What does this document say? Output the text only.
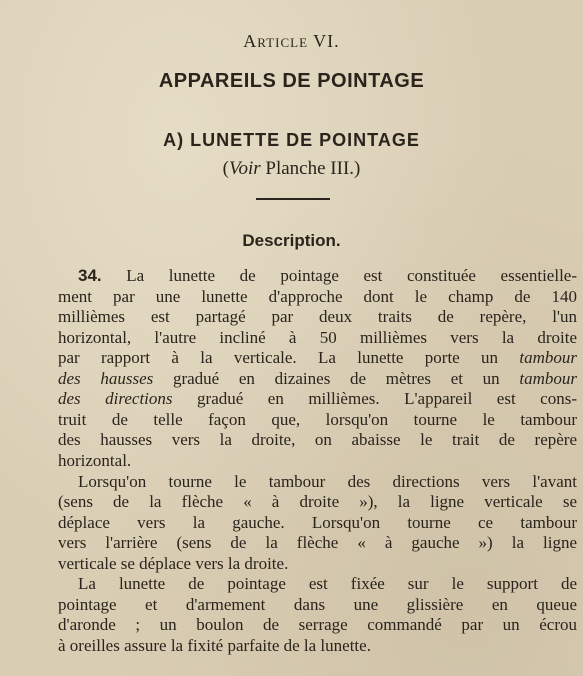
Article VI.
APPAREILS DE POINTAGE
A) LUNETTE DE POINTAGE
(Voir Planche III.)
Description.
34. La lunette de pointage est constituée essentielle-
ment par une lunette d'approche dont le champ de 140
millièmes est partagé par deux traits de repère, l'un
horizontal, l'autre incliné à 50 millièmes vers la droite
par rapport à la verticale. La lunette porte un tambour
des hausses gradué en dizaines de mètres et un tambour
des directions gradué en millièmes. L'appareil est cons-
truit de telle façon que, lorsqu'on tourne le tambour
des hausses vers la droite, on abaisse le trait de repère
horizontal.
Lorsqu'on tourne le tambour des directions vers l'avant
(sens de la flèche « à droite »), la ligne verticale se
déplace vers la gauche. Lorsqu'on tourne ce tambour
vers l'arrière (sens de la flèche « à gauche ») la ligne
verticale se déplace vers la droite.
La lunette de pointage est fixée sur le support de
pointage et d'armement dans une glissière en queue
d'aronde ; un boulon de serrage commandé par un écrou
à oreilles assure la fixité parfaite de la lunette.
